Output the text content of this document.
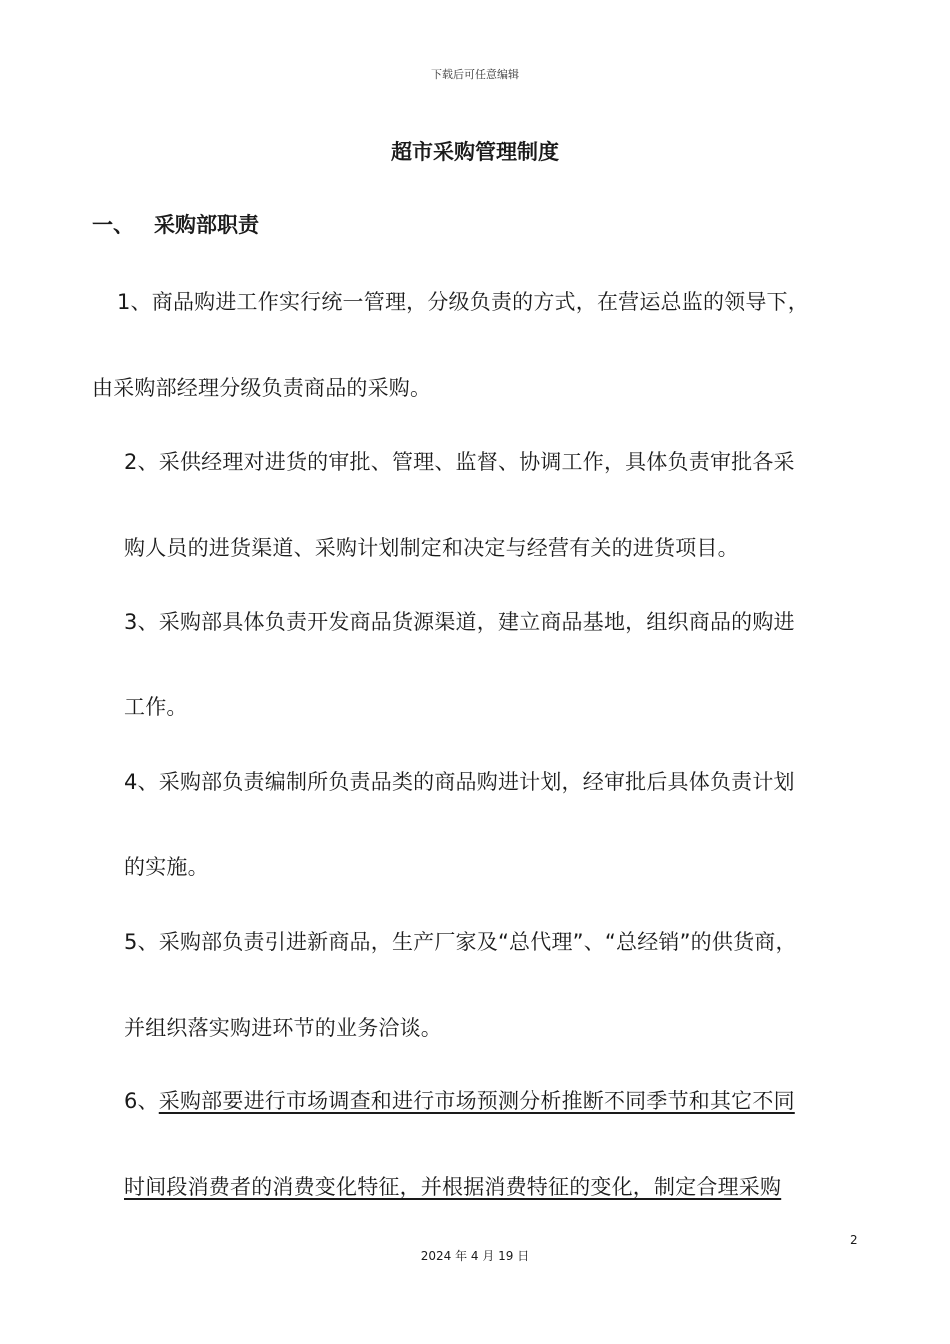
下载后可任意编辑
超市采购管理制度
一、 采购部职责
1、商品购进工作实行统一管理，分级负责的方式，在营运总监的领导下，
由采购部经理分级负责商品的采购。
2、采供经理对进货的审批、管理、监督、协调工作，具体负责审批各采
购人员的进货渠道、采购计划制定和决定与经营有关的进货项目。
3、采购部具体负责开发商品货源渠道，建立商品基地，组织商品的购进
工作。
4、采购部负责编制所负责品类的商品购进计划，经审批后具体负责计划
的实施。
5、采购部负责引进新商品，生产厂家及“总代理”、“总经销”的供货商，
并组织落实购进环节的业务洽谈。
6、采购部要进行市场调查和进行市场预测分析推断不同季节和其它不同
时间段消费者的消费变化特征，并根据消费特征的变化，制定合理采购
2
2024 年 4 月 19 日
